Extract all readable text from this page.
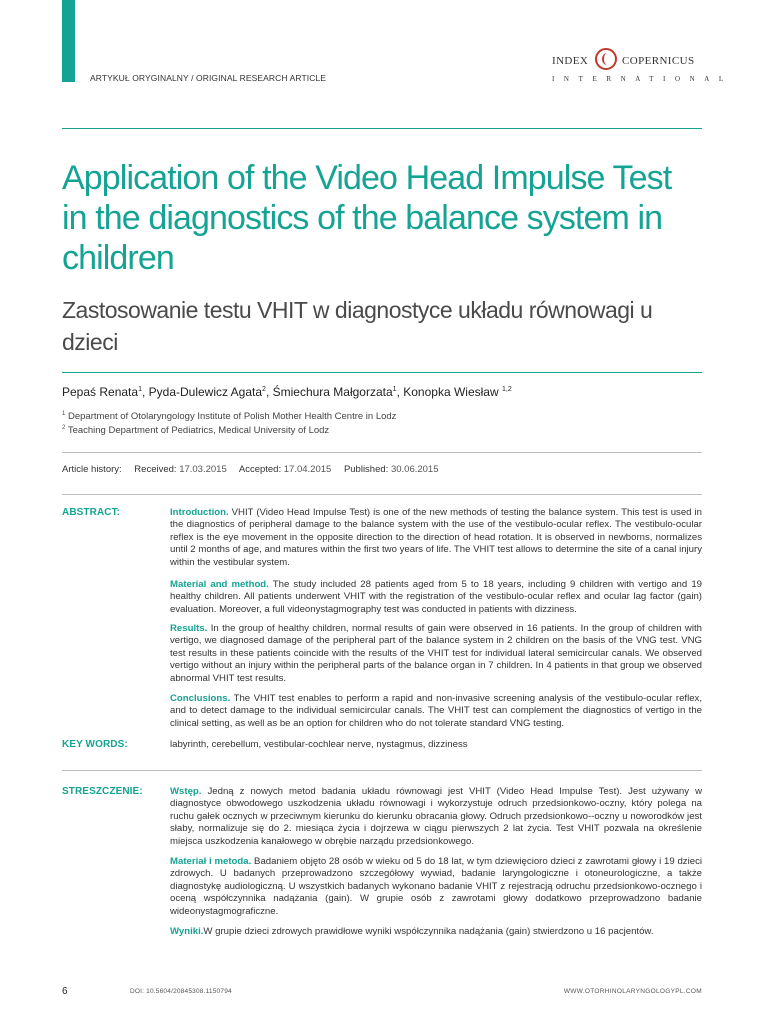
ARTYKUŁ ORYGINALNY / ORIGINAL RESEARCH ARTICLE
INDEX	COPERNICUS
INTERNATIONAL
Application of the Video Head Impulse Test in the diagnostics of the balance system in children
Zastosowanie testu VHIT w diagnostyce układu równowagi u dzieci
Pepaś Renata$^1$, Pyda-Dulewicz Agata$^2$, Śmiechura Małgorzata$^1$, Konopka Wiesław $^{1,2}$
$^1$ Department of Otolaryngology Institute of Polish Mother Health Centre in Lodz
$^2$ Teaching Department of Pediatrics, Medical University of Lodz
Article history: Received: 17.03.2015 Accepted: 17.04.2015 Published: 30.06.2015
ABSTRACT:	Introduction. VHIT (Video Head Impulse Test) is one of the new methods of testing the balance system. This test is used in the diagnostics of peripheral damage to the balance system with the use of the vestibulo-ocular reflex. The vestibulo-ocular reflex is the eye movement in the opposite direction to the direction of head rotation. It is observed in newborns, normalizes until 2 months of age, and matures within the first two years of life. The VHIT test allows to determine the site of a canal injury within the vestibular system.

Material and method. The study included 28 patients aged from 5 to 18 years, including 9 children with vertigo and 19 healthy children. All patients underwent VHIT with the registration of the vestibulo-ocular reflex and ocular lag factor (gain) evaluation. Moreover, a full videonystagmography test was conducted in patients with dizziness.

Results. In the group of healthy children, normal results of gain were observed in 16 patients. In the group of children with vertigo, we diagnosed damage of the peripheral part of the balance system in 2 children on the basis of the VNG test. VNG test results in these patients coincide with the results of the VHIT test for individual lateral semicircular canals. We observed vertigo without an injury within the peripheral parts of the balance organ in 7 children. In 4 patients in that group we observed abnormal VHIT test results.

Conclusions. The VHIT test enables to perform a rapid and non-invasive screening analysis of the vestibulo-ocular reflex, and to detect damage to the individual semicircular canals. The VHIT test can complement the diagnostics of vertigo in the clinical setting, as well as be an option for children who do not tolerate standard VNG testing.

KEY WORDS:	labyrinth, cerebellum, vestibular-cochlear nerve, nystagmus, dizziness
STRESZCZENIE:	Wstęp. Jedną z nowych metod badania układu równowagi jest VHIT (Video Head Impulse Test). Jest używany w diagnostyce obwodowego uszkodzenia układu równowagi i wykorzystuje odruch przedsionkowo-oczny, który polega na ruchu gałek ocznych w przeciwnym kierunku do kierunku obracania głowy. Odruch przedsionkowo--oczny u noworodków jest słaby, normalizuje się do 2. miesiąca życia i dojrzewa w ciągu pierwszych 2 lat życia. Test VHIT pozwala na określenie miejsca uszkodzenia kanałowego w obrębie narządu przedsionkowego.

Materiał i metoda. Badaniem objęto 28 osób w wieku od 5 do 18 lat, w tym dziewięcioro dzieci z zawrotami głowy i 19 dzieci zdrowych. U badanych przeprowadzono szczegółowy wywiad, badanie laryngologiczne i otoneurologiczne, a także diagnostykę audiologiczną. U wszystkich badanych wykonano badanie VHIT z rejestracją odruchu przedsionkowo-ocznego i oceną współczynnika nadążania (gain). W grupie osób z zawrotami głowy dodatkowo przeprowadzono badanie wideonystagmograficzne.

Wyniki.W grupie dzieci zdrowych prawidłowe wyniki współczynnika nadążania (gain) stwierdzono u 16 pacjentów.

6	DOI: 10.5604/20845308.1150794	WWW.OTORHINOLARYNGOLOGYPL.COM
